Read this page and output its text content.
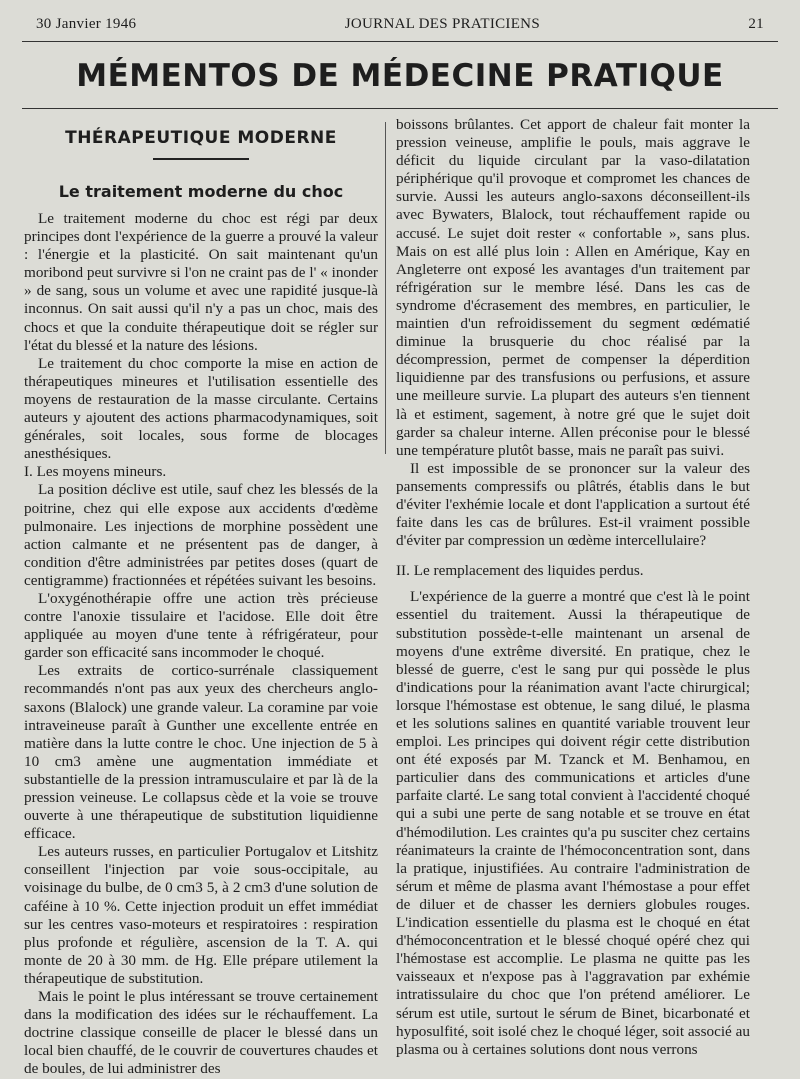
30 Janvier 1946	JOURNAL DES PRATICIENS	21
MÉMENTOS DE MÉDECINE PRATIQUE
THÉRAPEUTIQUE MODERNE
Le traitement moderne du choc

Le traitement moderne du choc est régi par deux principes dont l'expérience de la guerre a prouvé la valeur : l'énergie et la plasticité. On sait maintenant qu'un moribond peut survivre si l'on ne craint pas de l' « inonder » de sang, sous un volume et avec une rapidité jusque-là inconnus. On sait aussi qu'il n'y a pas un choc, mais des chocs et que la conduite thérapeutique doit se régler sur l'état du blessé et la nature des lésions.

Le traitement du choc comporte la mise en action de thérapeutiques mineures et l'utilisation essentielle des moyens de restauration de la masse circulante. Certains auteurs y ajoutent des actions pharmacodynamiques, soit générales, soit locales, sous forme de blocages anesthésiques.

I. Les moyens mineurs.

La position déclive est utile, sauf chez les blessés de la poitrine, chez qui elle expose aux accidents d'œdème pulmonaire. Les injections de morphine possèdent une action calmante et ne présentent pas de danger, à condition d'être administrées par petites doses (quart de centigramme) fractionnées et répétées suivant les besoins.

L'oxygénothérapie offre une action très précieuse contre l'anoxie tissulaire et l'acidose. Elle doit être appliquée au moyen d'une tente à réfrigérateur, pour garder son efficacité sans incommoder le choqué.

Les extraits de cortico-surrénale classiquement recommandés n'ont pas aux yeux des chercheurs anglo-saxons (Blalock) une grande valeur. La coramine par voie intraveineuse paraît à Gunther une excellente entrée en matière dans la lutte contre le choc. Une injection de 5 à 10 cm3 amène une augmentation immédiate et substantielle de la pression intramusculaire et par là de la pression veineuse. Le collapsus cède et la voie se trouve ouverte à une thérapeutique de substitution liquidienne efficace.

Les auteurs russes, en particulier Portugalov et Litshitz conseillent l'injection par voie sous-occipitale, au voisinage du bulbe, de 0 cm3 5, à 2 cm3 d'une solution de caféine à 10 %. Cette injection produit un effet immédiat sur les centres vaso-moteurs et respiratoires : respiration plus profonde et régulière, ascension de la T. A. qui monte de 20 à 30 mm. de Hg. Elle prépare utilement la thérapeutique de substitution.

Mais le point le plus intéressant se trouve certainement dans la modification des idées sur le réchauffement. La doctrine classique conseille de placer le blessé dans un local bien chauffé, de le couvrir de couvertures chaudes et de boules, de lui administrer des

boissons brûlantes. Cet apport de chaleur fait monter la pression veineuse, amplifie le pouls, mais aggrave le déficit du liquide circulant par la vaso-dilatation périphérique qu'il provoque et compromet les chances de survie. Aussi les auteurs anglo-saxons déconseillent-ils avec Bywaters, Blalock, tout réchauffement rapide ou accusé. Le sujet doit rester « confortable », sans plus. Mais on est allé plus loin : Allen en Amérique, Kay en Angleterre ont exposé les avantages d'un traitement par réfrigération sur le membre lésé. Dans les cas de syndrome d'écrasement des membres, en particulier, le maintien d'un refroidissement du segment œdématié diminue la brusquerie du choc réalisé par la décompression, permet de compenser la déperdition liquidienne par des transfusions ou perfusions, et assure une meilleure survie. La plupart des auteurs s'en tiennent là et estiment, sagement, à notre gré que le sujet doit garder sa chaleur interne. Allen préconise pour le blessé une température plutôt basse, mais ne paraît pas suivi.

Il est impossible de se prononcer sur la valeur des pansements compressifs ou plâtrés, établis dans le but d'éviter l'exhémie locale et dont l'application a surtout été faite dans les cas de brûlures. Est-il vraiment possible d'éviter par compression un œdème intercellulaire?

II. Le remplacement des liquides perdus.

L'expérience de la guerre a montré que c'est là le point essentiel du traitement. Aussi la thérapeutique de substitution possède-t-elle maintenant un arsenal de moyens d'une extrême diversité. En pratique, chez le blessé de guerre, c'est le sang pur qui possède le plus d'indications pour la réanimation avant l'acte chirurgical; lorsque l'hémostase est obtenue, le sang dilué, le plasma et les solutions salines en quantité variable trouvent leur emploi. Les principes qui doivent régir cette distribution ont été exposés par M. Tzanck et M. Benhamou, en particulier dans des communications et articles d'une parfaite clarté. Le sang total convient à l'accidenté choqué qui a subi une perte de sang notable et se trouve en état d'hémodilution. Les craintes qu'a pu susciter chez certains réanimateurs la crainte de l'hémoconcentration sont, dans la pratique, injustifiées. Au contraire l'administration de sérum et même de plasma avant l'hémostase a pour effet de diluer et de chasser les derniers globules rouges. L'indication essentielle du plasma est le choqué en état d'hémoconcentration et le blessé choqué opéré chez qui l'hémostase est accomplie. Le plasma ne quitte pas les vaisseaux et n'expose pas à l'aggravation par exhémie intratissulaire du choc que l'on prétend améliorer. Le sérum est utile, surtout le sérum de Binet, bicarbonaté et hyposulfité, soit isolé chez le choqué léger, soit associé au plasma ou à certaines solutions dont nous verrons
